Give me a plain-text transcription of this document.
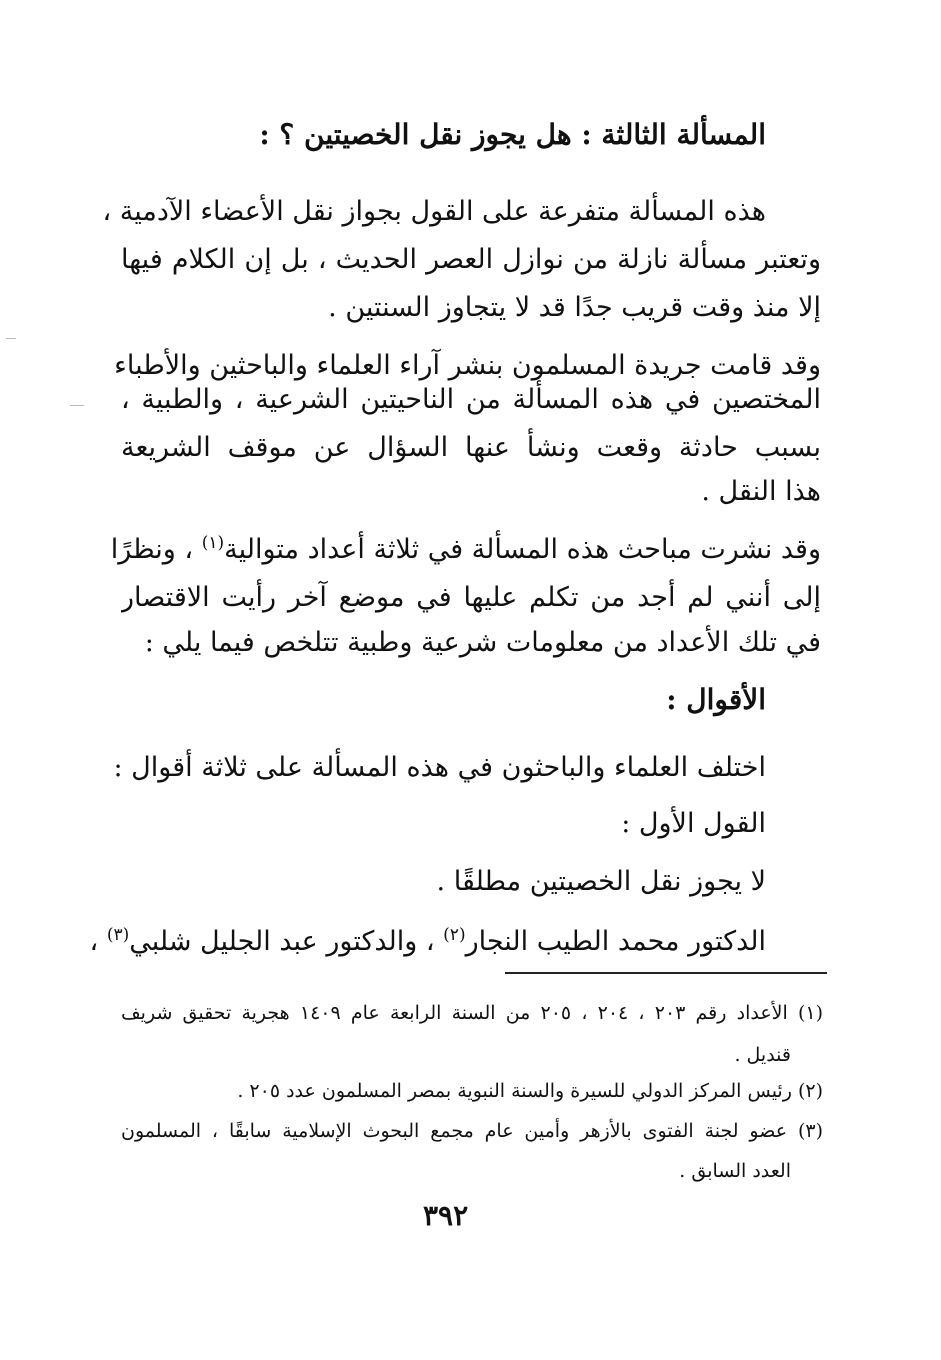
المسألة الثالثة : هل يجوز نقل الخصيتين ؟ :
هذه المسألة متفرعة على القول بجواز نقل الأعضاء الآدمية ،
وتعتبر مسألة نازلة من نوازل العصر الحديث ، بل إن الكلام فيها
إلا منذ وقت قريب جدًا قد لا يتجاوز السنتين .
وقد قامت جريدة المسلمون بنشر آراء العلماء والباحثين والأطباء
المختصين في هذه المسألة من الناحيتين الشرعية ، والطبية ،
بسبب حادثة وقعت ونشأ عنها السؤال عن موقف الشريعة
هذا النقل .
وقد نشرت مباحث هذه المسألة في ثلاثة أعداد متوالية$^{(١)}$ ، ونظرًا
إلى أنني لم أجد من تكلم عليها في موضع آخر رأيت الاقتصار
في تلك الأعداد من معلومات شرعية وطبية تتلخص فيما يلي :
الأقوال :
اختلف العلماء والباحثون في هذه المسألة على ثلاثة أقوال :
القول الأول :
لا يجوز نقل الخصيتين مطلقًا .
الدكتور محمد الطيب النجار$^{(٢)}$ ، والدكتور عبد الجليل شلبي$^{(٣)}$ ،
(١) الأعداد رقم ٢٠٣ ، ٢٠٤ ، ٢٠٥ من السنة الرابعة عام ١٤٠٩ هجرية تحقيق شريف
قنديل .
(٢) رئيس المركز الدولي للسيرة والسنة النبوية بمصر المسلمون عدد ٢٠٥ .
(٣) عضو لجنة الفتوى بالأزهر وأمين عام مجمع البحوث الإسلامية سابقًا ، المسلمون
العدد السابق .
٣٩٢
